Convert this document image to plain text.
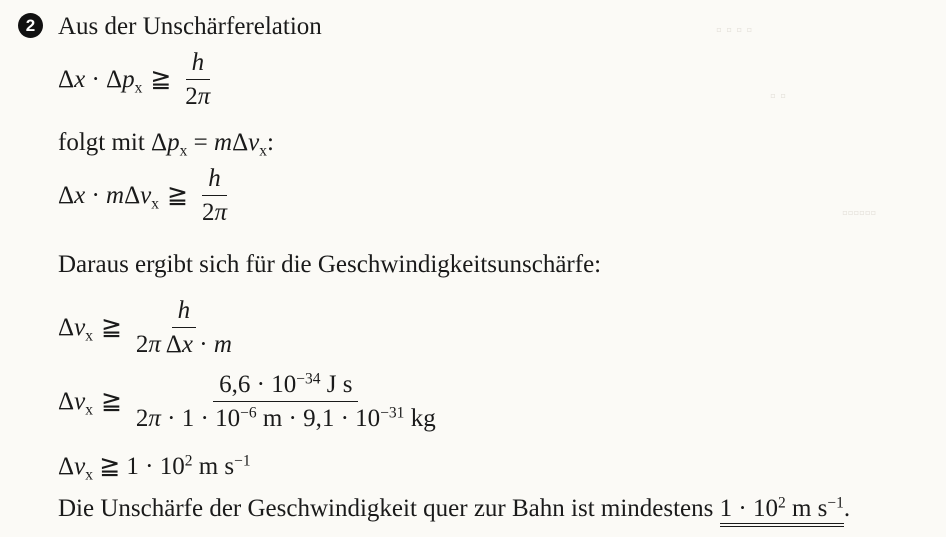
▫ ▫ ▫ ▫
▫ ▫
▫▫▫▫▫▫
2 Aus der Unschärferelation
$\Delta x \cdot \Delta p_x$ ≧ $\frac{h}{2\pi}$
folgt mit $\Delta p_x = m\Delta v_x$:
Δx · mΔv$_x$ ≧ $\frac{h}{2\pi}$
Daraus ergibt sich für die Geschwindigkeitsunschärfe:
$\Delta v_x$ ≧ $\frac{h}{\text{2π Δx · m}}$
$\Delta v_x$ ≧ $\frac{6,6 \cdot 10^{-34} J s}{2\pi \cdot 1 \cdot 10^{-6} m \cdot 9,1 \cdot 10^{-31} kg}$
$\Delta v_x$ ≧ $1 \cdot 10^2$ m $s^{-1}$
Die Unschärfe der Geschwindigkeit quer zur Bahn ist mindestens $1 \cdot 10^2$ m $s^{-1}$.
